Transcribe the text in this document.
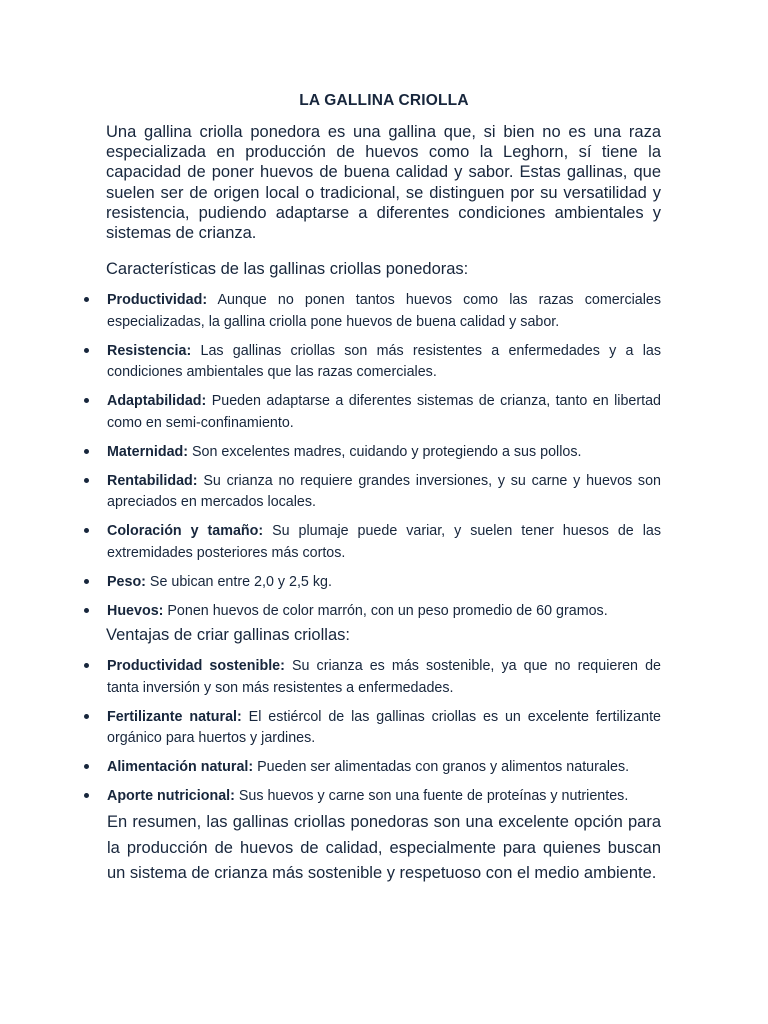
LA GALLINA CRIOLLA

Una gallina criolla ponedora es una gallina que, si bien no es una raza especializada en producción de huevos como la Leghorn, sí tiene la capacidad de poner huevos de buena calidad y sabor. Estas gallinas, que suelen ser de origen local o tradicional, se distinguen por su versatilidad y resistencia, pudiendo adaptarse a diferentes condiciones ambientales y sistemas de crianza.

Características de las gallinas criollas ponedoras:

Productividad: Aunque no ponen tantos huevos como las razas comerciales especializadas, la gallina criolla pone huevos de buena calidad y sabor.
Resistencia: Las gallinas criollas son más resistentes a enfermedades y a las condiciones ambientales que las razas comerciales.
Adaptabilidad: Pueden adaptarse a diferentes sistemas de crianza, tanto en libertad como en semi-confinamiento.
Maternidad: Son excelentes madres, cuidando y protegiendo a sus pollos.
Rentabilidad: Su crianza no requiere grandes inversiones, y su carne y huevos son apreciados en mercados locales.
Coloración y tamaño: Su plumaje puede variar, y suelen tener huesos de las extremidades posteriores más cortos.
Peso: Se ubican entre 2,0 y 2,5 kg.
Huevos: Ponen huevos de color marrón, con un peso promedio de 60 gramos.

Ventajas de criar gallinas criollas:

Productividad sostenible: Su crianza es más sostenible, ya que no requieren de tanta inversión y son más resistentes a enfermedades.
Fertilizante natural: El estiércol de las gallinas criollas es un excelente fertilizante orgánico para huertos y jardines.
Alimentación natural: Pueden ser alimentadas con granos y alimentos naturales.
Aporte nutricional: Sus huevos y carne son una fuente de proteínas y nutrientes.

En resumen, las gallinas criollas ponedoras son una excelente opción para la producción de huevos de calidad, especialmente para quienes buscan un sistema de crianza más sostenible y respetuoso con el medio ambiente.
